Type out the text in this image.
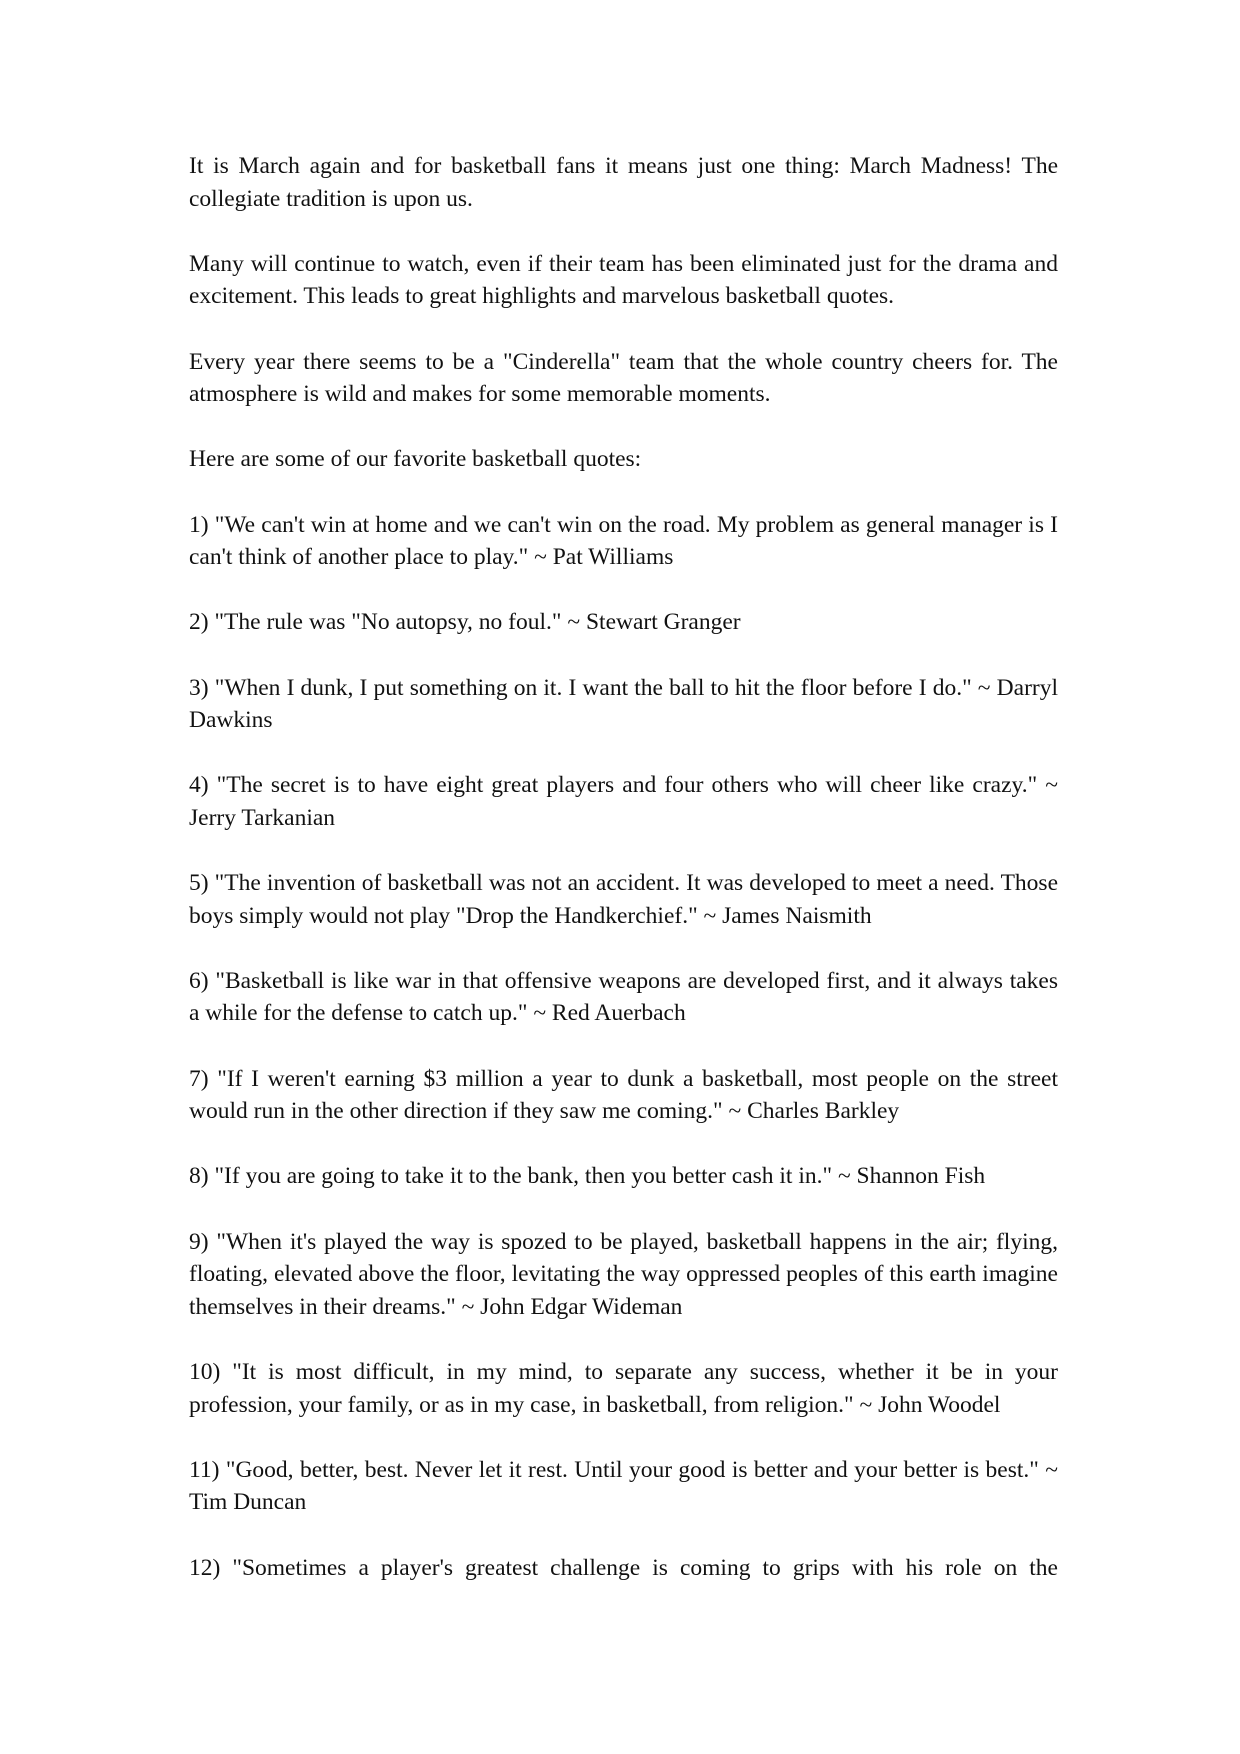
It is March again and for basketball fans it means just one thing: March Madness! The collegiate tradition is upon us.

Many will continue to watch, even if their team has been eliminated just for the drama and excitement. This leads to great highlights and marvelous basketball quotes.

Every year there seems to be a "Cinderella" team that the whole country cheers for. The atmosphere is wild and makes for some memorable moments.

Here are some of our favorite basketball quotes:

1) "We can't win at home and we can't win on the road. My problem as general manager is I can't think of another place to play." ~ Pat Williams

2) "The rule was "No autopsy, no foul." ~ Stewart Granger

3) "When I dunk, I put something on it. I want the ball to hit the floor before I do." ~ Darryl Dawkins

4) "The secret is to have eight great players and four others who will cheer like crazy." ~ Jerry Tarkanian

5) "The invention of basketball was not an accident. It was developed to meet a need. Those boys simply would not play "Drop the Handkerchief." ~ James Naismith

6) "Basketball is like war in that offensive weapons are developed first, and it always takes a while for the defense to catch up." ~ Red Auerbach

7) "If I weren't earning $3 million a year to dunk a basketball, most people on the street would run in the other direction if they saw me coming." ~ Charles Barkley

8) "If you are going to take it to the bank, then you better cash it in." ~ Shannon Fish

9) "When it's played the way is spozed to be played, basketball happens in the air; flying, floating, elevated above the floor, levitating the way oppressed peoples of this earth imagine themselves in their dreams." ~ John Edgar Wideman

10) "It is most difficult, in my mind, to separate any success, whether it be in your profession, your family, or as in my case, in basketball, from religion." ~ John Woodel

11) "Good, better, best. Never let it rest. Until your good is better and your better is best." ~ Tim Duncan

12) "Sometimes a player's greatest challenge is coming to grips with his role on the
